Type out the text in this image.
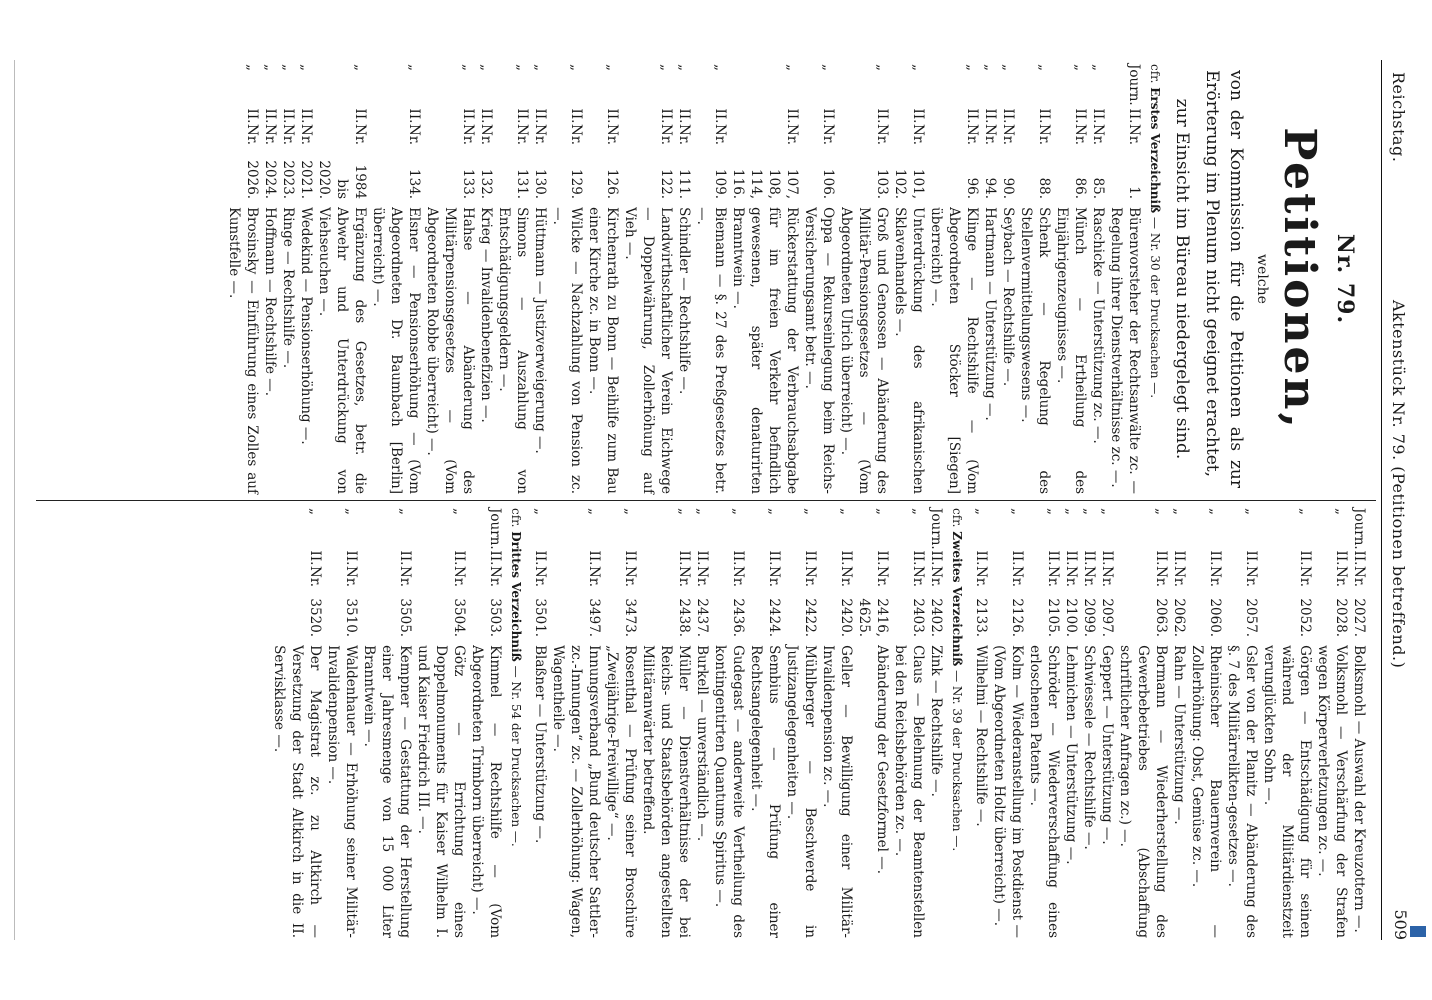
Reichstag.
Aktenstück Nr. 79. (Petitionen betreffend.)
509
Nr. 79.
Petitionen,
welche
von der Kommission für die Petitionen als zur Erörterung im Plenum nicht geeignet erachtet,
zur Einsicht im Büreau niedergelegt sind.
cfr. Erstes Verzeichniß — Nr. 30 der Drucksachen —.
Journ.
II.
Nr.
1.
Bürenvorsteher der Rechtsanwälte zc. — Regelung ihrer Dienstverhältnisse zc. —.
„
II.
Nr.
85.
Raschicke — Unterstützung zc. —.
„
II.
Nr.
86.
Münch — Ertheilung des Einjährigenzeugnisses —.
„
II.
Nr.
88.
Schenk — Regelung des Stellenvermittelungswesens —.
„
II.
Nr.
90.
Seybach — Rechtshilfe —.
„
II.
Nr.
94.
Hartmann — Unterstützung —.
„
II.
Nr.
96.
Klinge — Rechtshilfe — (Vom Abgeordneten Stöcker [Siegen] überreicht) —.
„
II.
Nr.
101, 102.
Unterdrückung des afrikanischen Sklavenhandels —.
„
II.
Nr.
103.
Groß und Genossen — Abänderung des Militär-Pensionsgesetzes — (Vom Abgeordneten Ulrich überreicht) —.
„
II.
Nr.
106.
Oppa — Rekurseinlegung beim Reichs-Versicherungsamt betr. —.
„
II.
Nr.
107, 108, 114, 116.
Rückerstattung der Verbrauchsabgabe für im freien Verkehr befindlich gewesenen, später denaturirten Branntwein —.
„
II.
Nr.
109.
Biemann — §. 27 des Preßgesetzes betr. —.
„
II.
Nr.
111.
Schindler — Rechtshilfe —.
„
II.
Nr.
122.
Landwirthschaftlicher Verein Eichwege — Doppelwährung, Zollerhöhung auf Vieh —.
„
II.
Nr.
126.
Kirchenrath zu Bonn — Beihilfe zum Bau einer Kirche zc. in Bonn —.
„
II.
Nr.
129.
Wilcke — Nachzahlung von Pension zc. —.
„
II.
Nr.
130.
Hüttmann — Justizverweigerung —.
„
II.
Nr.
131.
Simons — Auszahlung von Entschädigungsgeldern —.
„
II.
Nr.
132.
Krieg — Invalidenbenefizien —.
„
II.
Nr.
133.
Hahse — Abänderung des Militärpensionsgesetzes — (Vom Abgeordneten Robbe überreicht) —.
„
II.
Nr.
134.
Elsner — Pensionserhöhung — (Vom Abgeordneten Dr. Baumbach [Berlin] überreicht) —.
„
II.
Nr.
1984 bis 2020.
Ergänzung des Gesetzes, betr. die Abwehr und Unterdrückung von Viehseuchen —.
„
II.
Nr.
2021.
Wedekind — Pensionserhöhung —.
„
II.
Nr.
2023.
Ringe — Rechtshilfe —.
„
II.
Nr.
2024.
Hoffmann — Rechtshilfe —.
„
II.
Nr.
2026.
Brosinsky — Einführung eines Zolles auf Kunstfelle —.
Journ.
II.
Nr.
2027.
Bolksmohl — Auswahl der Kreuzottern —.
„
II.
Nr.
2028.
Volksmohl — Verschärfung der Strafen wegen Körperverletzungen zc. —.
„
II.
Nr.
2052.
Görgen — Entschädigung für seinen während der Militärdienstzeit verunglückten Sohn —.
„
II.
Nr.
2057.
Gsler von der Planitz — Abänderung des §. 7 des Militärrelikten-gesetzes —.
„
II.
Nr.
2060.
Rheinischer Bauernverein — Zollerhöhung: Obst, Gemüse zc. —.
„
II.
Nr.
2062.
Rahn — Unterstützung —.
„
II.
Nr.
2063.
Bormann — Wiederherstellung des Gewerbebetriebes (Abschaffung schriftlicher Anfragen zc.) —.
„
II.
Nr.
2097.
Geppert — Unterstützung —.
„
II.
Nr.
2099.
Schwiessele — Rechtshilfe —.
„
II.
Nr.
2100.
Lehmichen — Unterstützung —.
„
II.
Nr.
2105.
Schröder — Wiederverschaffung eines erloschenen Patents —.
„
II.
Nr.
2126.
Kolm — Wiederanstellung im Postdienst — (Vom Abgeordneten Holtz überreicht) —.
„
II.
Nr.
2133.
Wilhelmi — Rechtshilfe —.
cfr. Zweites Verzeichniß — Nr. 39 der Drucksachen —.
Journ.
II.
Nr.
2402.
Zink — Rechtshilfe —.
„
II.
Nr.
2403.
Claus — Belehnung der Beamtenstellen bei den Reichsbehörden zc. —.
„
II.
Nr.
2416, 4625.
Abänderung der Gesetzformel —.
„
II.
Nr.
2420.
Geller — Bewilligung einer Militär-Invalidenpension zc. —.
„
II.
Nr.
2422.
Mühlberger — Beschwerde in Justizangelegenheiten —.
„
II.
Nr.
2424.
Sembius — Prüfung einer Rechtsangelegenheit —.
„
II.
Nr.
2436.
Gudegast — anderweite Vertheilung des kontingentirten Quantums Spiritus —.
„
II.
Nr.
2437.
Burkell — unverständlich —.
„
II.
Nr.
2438.
Müller — Dienstverhältnisse der bei Reichs- und Staatsbehörden angestellten Militäranwärter betreffend.
„
II.
Nr.
3473.
Rosenthal — Prüfung seiner Broschüre „Zweijährige-Freiwillige“ —.
„
II.
Nr.
3497.
Innungsverband „Bund deutscher Sattler-zc.-Innungen“ zc. — Zollerhöhung: Wagen, Wagentheile —.
„
II.
Nr.
3501.
Blaßner — Unterstützung —.
cfr. Drittes Verzeichniß — Nr. 54 der Drucksachen —.
Journ.
II.
Nr.
3503.
Kimmel — Rechtshilfe — (Vom Abgeordneten Trimborn überreicht) —.
„
II.
Nr.
3504.
Götz — Errichtung eines Doppelmonuments für Kaiser Wilhelm I. und Kaiser Friedrich III. —.
„
II.
Nr.
3505.
Kempner — Gestattung der Herstellung einer Jahresmenge von 15 000 Liter Branntwein —.
„
II.
Nr.
3510.
Waldenhauer — Erhöhung seiner Militär-Invalidenpension —.
„
II.
Nr.
3520.
Der Magistrat zc. zu Altkirch — Versetzung der Stadt Altkirch in die II. Servisklasse —.
